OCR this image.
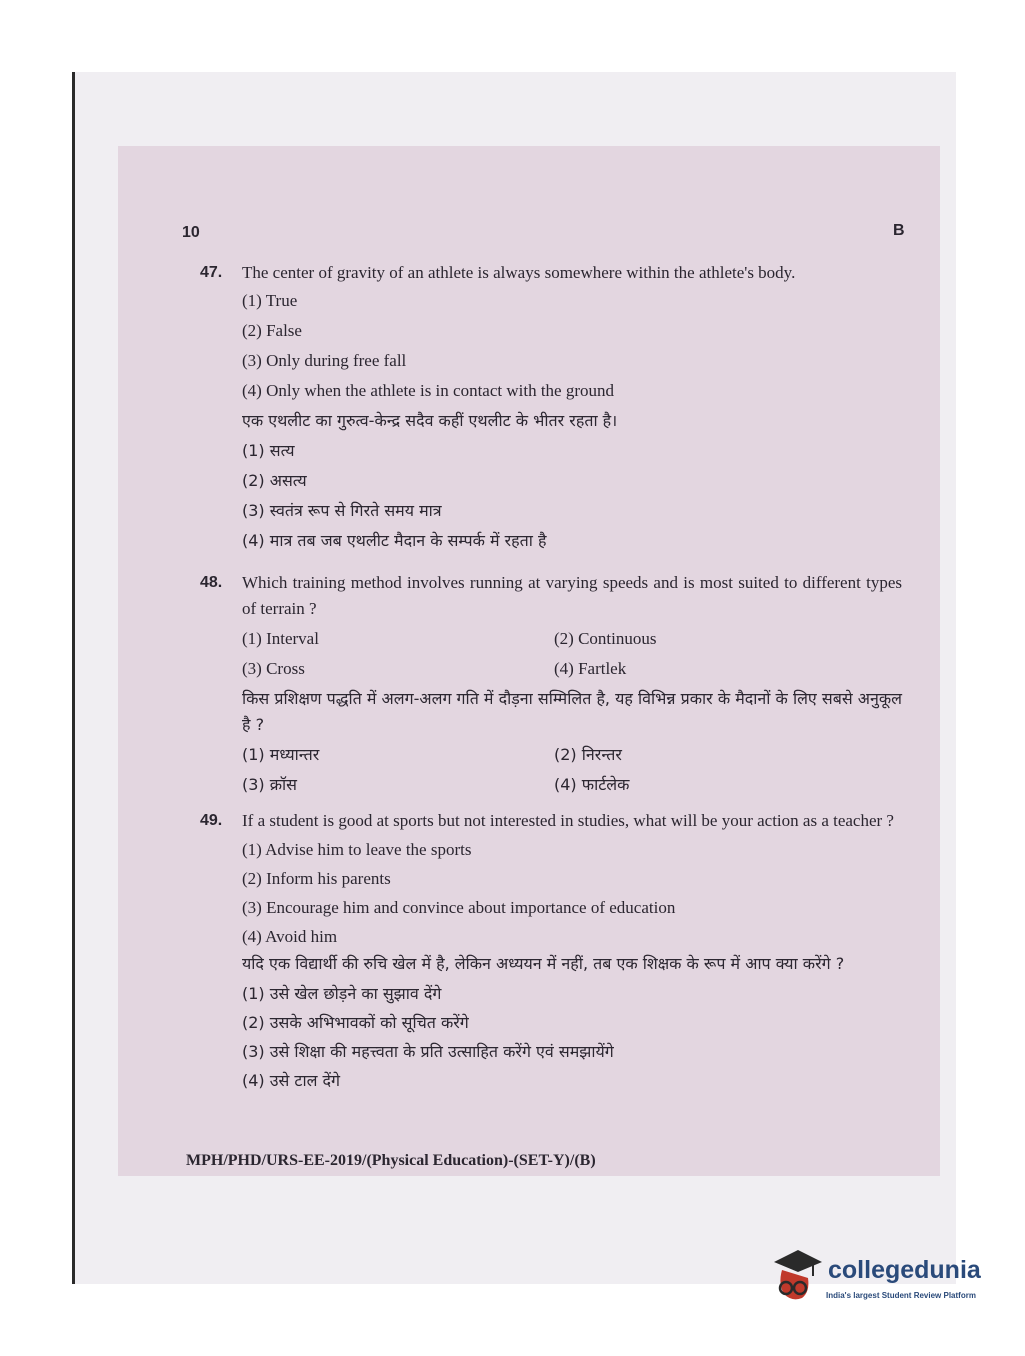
10	B
47. The center of gravity of an athlete is always somewhere within the athlete's body.
(1) True
(2) False
(3) Only during free fall
(4) Only when the athlete is in contact with the ground
एक एथलीट का गुरुत्व-केन्द्र सदैव कहीं एथलीट के भीतर रहता है।
(1) सत्य
(2) असत्य
(3) स्वतंत्र रूप से गिरते समय मात्र
(4) मात्र तब जब एथलीट मैदान के सम्पर्क में रहता है
48. Which training method involves running at varying speeds and is most suited to different types of terrain ?
(1) Interval	(2) Continuous
(3) Cross	(4) Fartlek
किस प्रशिक्षण पद्धति में अलग-अलग गति में दौड़ना सम्मिलित है, यह विभिन्न प्रकार के मैदानों के लिए सबसे अनुकूल है ?
(1) मध्यान्तर	(2) निरन्तर
(3) क्रॉस	(4) फार्टलेक
49. If a student is good at sports but not interested in studies, what will be your action as a teacher ?
(1) Advise him to leave the sports
(2) Inform his parents
(3) Encourage him and convince about importance of education
(4) Avoid him
यदि एक विद्यार्थी की रुचि खेल में है, लेकिन अध्ययन में नहीं, तब एक शिक्षक के रूप में आप क्या करेंगे ?
(1) उसे खेल छोड़ने का सुझाव देंगे
(2) उसके अभिभावकों को सूचित करेंगे
(3) उसे शिक्षा की महत्त्वता के प्रति उत्साहित करेंगे एवं समझायेंगे
(4) उसे टाल देंगे
MPH/PHD/URS-EE-2019/(Physical Education)-(SET-Y)/(B)
collegedunia
India's largest Student Review Platform
